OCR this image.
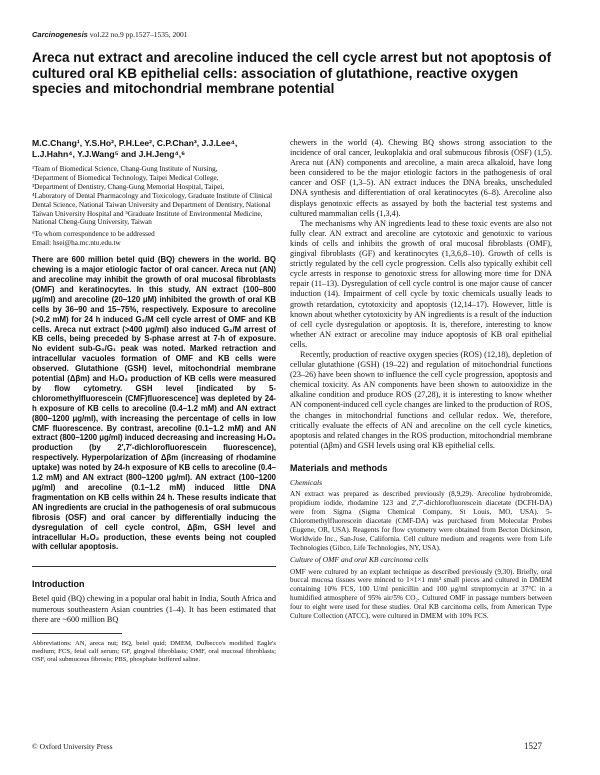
Carcinogenesis vol.22 no.9 pp.1527–1535, 2001
Areca nut extract and arecoline induced the cell cycle arrest but not apoptosis of cultured oral KB epithelial cells: association of glutathione, reactive oxygen species and mitochondrial membrane potential
M.C.Chang¹, Y.S.Ho², P.H.Lee², C.P.Chan³, J.J.Lee⁴, L.J.Hahn⁴, Y.J.Wang⁵ and J.H.Jeng⁴,⁶

¹Team of Biomedical Science, Chang-Gung Institute of Nursing,

²Department of Biomedical Technology, Taipei Medical College,

³Department of Dentistry, Chang-Gung Memorial Hospital, Taipei,

⁴Laboratory of Dental Pharmacology and Toxicology, Graduate Institute of Clinical Dental Science, National Taiwan University and Department of Dentistry, National Taiwan University Hospital and ⁵Graduate Institute of Environmental Medicine, National Cheng-Gung University, Taiwan

⁶To whom correspondence to be addressed
Email: hsei@ha.mc.ntu.edu.tw
There are 600 million betel quid (BQ) chewers in the world. BQ chewing is a major etiologic factor of oral cancer. Areca nut (AN) and arecoline may inhibit the growth of oral mucosal fibroblasts (OMF) and keratinocytes. In this study, AN extract (100–800 μg/ml) and arecoline (20–120 μM) inhibited the growth of oral KB cells by 36–90 and 15–75%, respectively. Exposure to arecoline (>0.2 mM) for 24 h induced G₂/M cell cycle arrest of OMF and KB cells. Areca nut extract (>400 μg/ml) also induced G₂/M arrest of KB cells, being preceded by S-phase arrest at 7-h of exposure. No evident sub-G₀/G₁ peak was noted. Marked retraction and intracellular vacuoles formation of OMF and KB cells were observed. Glutathione (GSH) level, mitochondrial membrane potential (Δβm) and H₂O₂ production of KB cells were measured by flow cytometry. GSH level [indicated by 5-chloromethylfluorescein (CMF)fluorescence] was depleted by 24-h exposure of KB cells to arecoline (0.4–1.2 mM) and AN extract (800–1200 μg/ml), with increasing the percentage of cells in low CMF fluorescence. By contrast, arecoline (0.1–1.2 mM) and AN extract (800–1200 μg/ml) induced decreasing and increasing H₂O₂ production (by 2′,7′-dichlorofluorescein fluorescence), respectively. Hyperpolarization of Δβm (increasing of rhodamine uptake) was noted by 24-h exposure of KB cells to arecoline (0.4–1.2 mM) and AN extract (800–1200 μg/ml). AN extract (100–1200 μg/ml) and arecoline (0.1–1.2 mM) induced little DNA fragmentation on KB cells within 24 h. These results indicate that AN ingredients are crucial in the pathogenesis of oral submucous fibrosis (OSF) and oral cancer by differentially inducing the dysregulation of cell cycle control, Δβm, GSH level and intracellular H₂O₂ production, these events being not coupled with cellular apoptosis.
Introduction

Betel quid (BQ) chewing in a popular oral habit in India, South Africa and numerous southeastern Asian countries (1–4). It has been estimated that there are ~600 million BQ

Abbreviations: AN, areca nut; BQ, betel quid; DMEM, Dulbecco's modified Eagle's medium; FCS, fetal calf serum; GF, gingival fibroblasts; OMF, oral mucosal fibroblasts; OSF, oral submucous fibrosis; PBS, phosphate buffered saline.

chewers in the world (4). Chewing BQ shows strong association to the incidence of oral cancer, leukoplakia and oral submucous fibrosis (OSF) (1,5). Areca nut (AN) components and arecoline, a main areca alkaloid, have long been considered to be the major etiologic factors in the pathogenesis of oral cancer and OSF (1,3–5). AN extract induces the DNA breaks, unscheduled DNA synthesis and differentiation of oral keratinocytes (6–8). Arecoline also displays genotoxic effects as assayed by both the bacterial test systems and cultured mammalian cells (1,3,4).

The mechanisms why AN ingredients lead to these toxic events are also not fully clear. AN extract and arecoline are cytotoxic and genotoxic to various kinds of cells and inhibits the growth of oral mucosal fibroblasts (OMF), gingival fibroblasts (GF) and keratinocytes (1,3,6,8–10). Growth of cells is strictly regulated by the cell cycle progression. Cells also typically exhibit cell cycle arrests in response to genotoxic stress for allowing more time for DNA repair (11–13). Dysregulation of cell cycle control is one major cause of cancer induction (14). Impairment of cell cycle by toxic chemicals usually leads to growth retardation, cytotoxicity and apoptosis (12,14–17). However, little is known about whether cytotoxicity by AN ingredients is a result of the induction of cell cycle dysregulation or apoptosis. It is, therefore, interesting to know whether AN extract or arecoline may induce apoptosis of KB oral epithelial cells.

Recently, production of reactive oxygen species (ROS) (12,18), depletion of cellular glutathione (GSH) (19–22) and regulation of mitochondrial functions (23–26) have been shown to influence the cell cycle progression, apoptosis and chemical toxicity. As AN components have been shown to autooxidize in the alkaline condition and produce ROS (27,28), it is interesting to know whether AN component-induced cell cycle changes are linked to the production of ROS, the changes in mitochondrial functions and cellular redox. We, therefore, critically evaluate the effects of AN and arecoline on the cell cycle kinetics, apoptosis and related changes in the ROS production, mitochondrial membrane potential (Δβm) and GSH levels using oral KB epithelial cells.

Materials and methods
Chemicals

AN extract was prepared as described previously (8,9,29). Arecoline hydrobromide, propidium iodide, rhodamine 123 and 2′,7′-dichlorofluorescein diacetate (DCFH-DA) were from Sigma (Sigma Chemical Company, St Louis, MO, USA). 5-Chloromethylfluorescein diacetate (CMF-DA) was purchased from Molecular Probes (Eugene, OR, USA). Reagents for flow cytometry were obtained from Becton Dickinson, Worldwide Inc., San-Jose, California. Cell culture medium and reagents were from Life Technologies (Gibco, Life Technologies, NY, USA).

Culture of OMF and oral KB carcinoma cells

OMF were cultured by an explant technique as described previously (9,30). Briefly, oral buccal mucosa tissues were minced to 1×1×1 mm³ small pieces and cultured in DMEM containing 10% FCS, 100 U/ml penicillin and 100 μg/ml streptomycin at 37°C in a humidified atmosphere of 95% air/5% CO₂. Cultured OMF in passage numbers between four to eight were used for these studies. Oral KB carcinoma cells, from American Type Culture Collection (ATCC), were cultured in DMEM with 10% FCS.

© Oxford University Press	1527
